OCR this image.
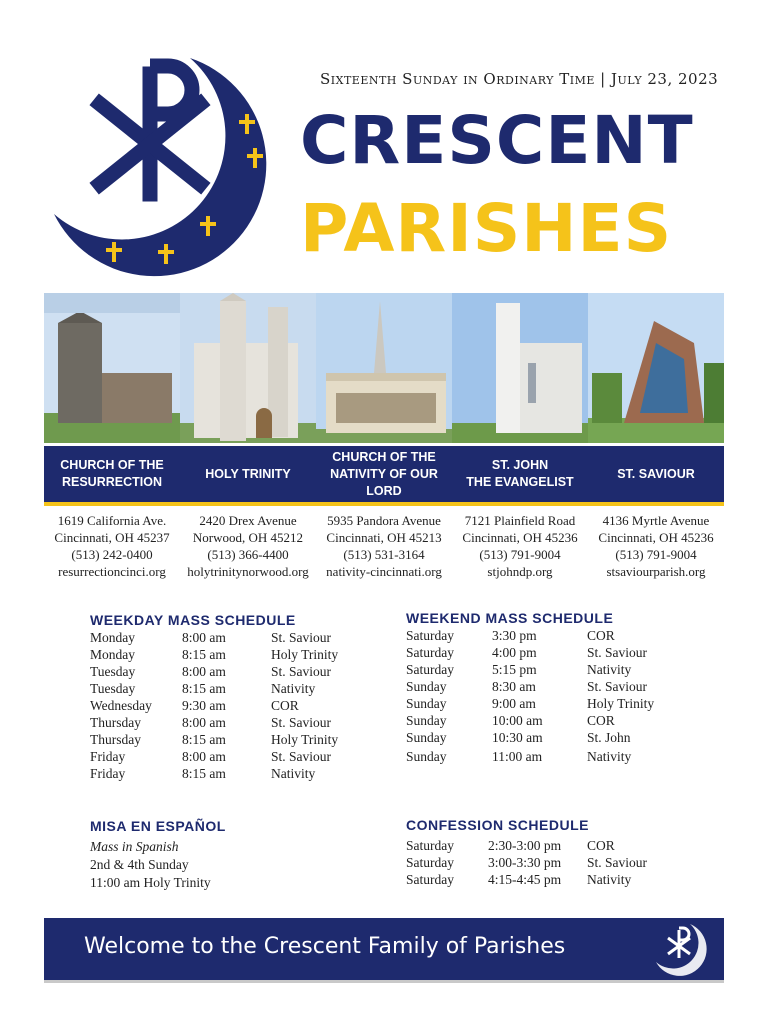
Sixteenth Sunday in Ordinary Time | July 23, 2023
CRESCENT
PARISHES
CHURCH OF THE
RESURRECTION
HOLY TRINITY
CHURCH OF THE
NATIVITY OF OUR LORD
ST. JOHN
THE EVANGELIST
ST. SAVIOUR
1619 California Ave.
Cincinnati, OH 45237
(513) 242-0400
resurrectioncinci.org
2420 Drex Avenue
Norwood, OH 45212
(513) 366-4400
holytrinitynorwood.org
5935 Pandora Avenue
Cincinnati, OH 45213
(513) 531-3164
nativity-cincinnati.org
7121 Plainfield Road
Cincinnati, OH 45236
(513) 791-9004
stjohndp.org
4136 Myrtle Avenue
Cincinnati, OH 45236
(513) 791-9004
stsaviourparish.org
WEEKDAY MASS SCHEDULE
Monday	8:00 am	St. Saviour
Monday	8:15 am	Holy Trinity
Tuesday	8:00 am	St. Saviour
Tuesday	8:15 am	Nativity
Wednesday 9:30 am	COR
Thursday	8:00 am	St. Saviour
Thursday	8:15 am	Holy Trinity
Friday	8:00 am	St. Saviour
Friday	8:15 am	Nativity
WEEKEND MASS SCHEDULE
Saturday	3:30 pm	COR
Saturday	4:00 pm	St. Saviour
Saturday	5:15 pm	Nativity
Sunday	8:30 am	St. Saviour
Sunday	9:00 am	Holy Trinity
Sunday	10:00 am	COR
Sunday	10:30 am	St. John
Sunday	11:00 am	Nativity
MISA EN ESPAÑOL
Mass in Spanish
2nd & 4th Sunday
11:00 am Holy Trinity
CONFESSION SCHEDULE
Saturday	2:30-3:00 pm COR
Saturday	3:00-3:30 pm St. Saviour
Saturday	4:15-4:45 pm Nativity
Welcome to the Crescent Family of Parishes
